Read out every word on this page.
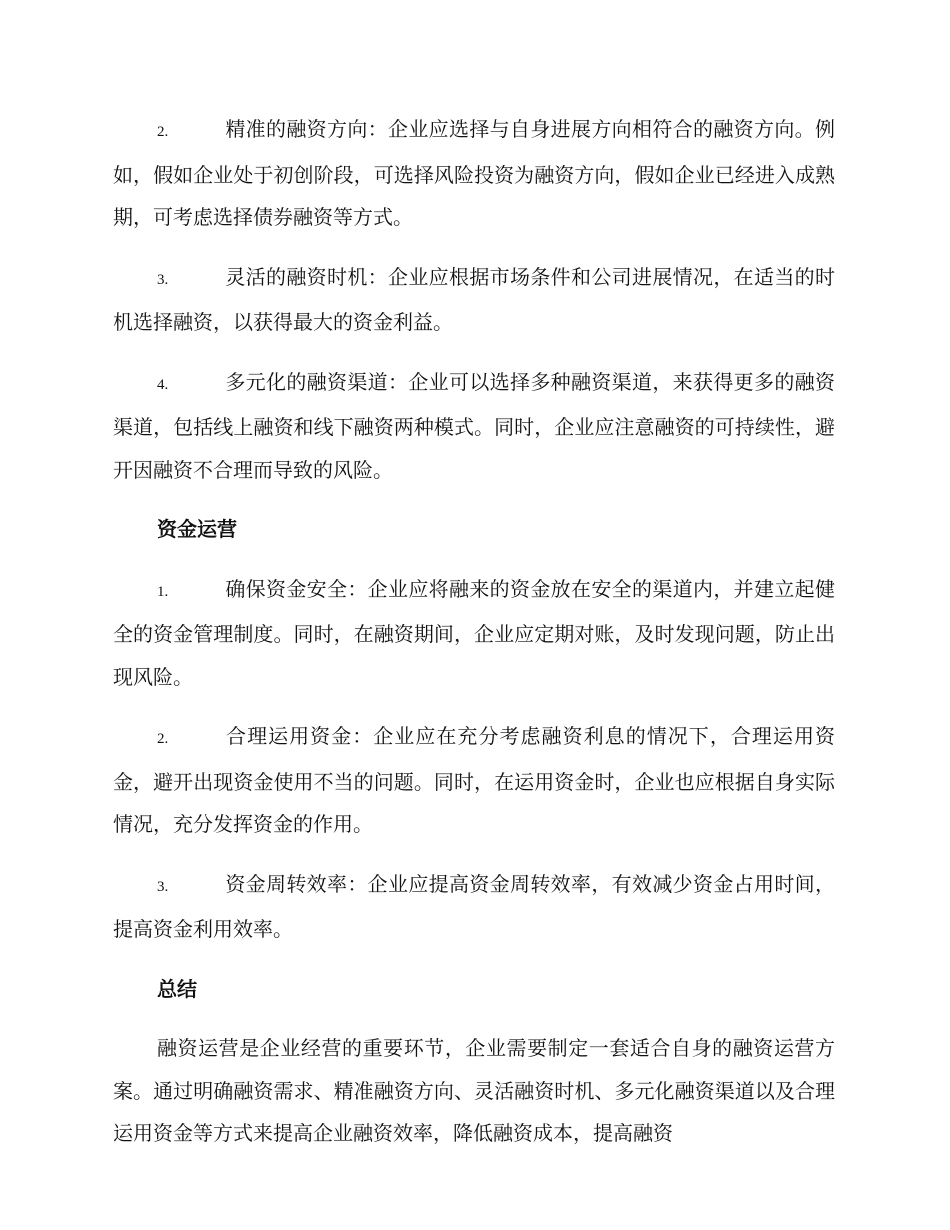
2.	精准的融资方向：企业应选择与自身进展方向相符合的融资方向。例如，假如企业处于初创阶段，可选择风险投资为融资方向，假如企业已经进入成熟期，可考虑选择债券融资等方式。

3.	灵活的融资时机：企业应根据市场条件和公司进展情况，在适当的时机选择融资，以获得最大的资金利益。

4.	多元化的融资渠道：企业可以选择多种融资渠道，来获得更多的融资渠道，包括线上融资和线下融资两种模式。同时，企业应注意融资的可持续性，避开因融资不合理而导致的风险。

资金运营

1.	确保资金安全：企业应将融来的资金放在安全的渠道内，并建立起健全的资金管理制度。同时，在融资期间，企业应定期对账，及时发现问题，防止出现风险。

2.	合理运用资金：企业应在充分考虑融资利息的情况下，合理运用资金，避开出现资金使用不当的问题。同时，在运用资金时，企业也应根据自身实际情况，充分发挥资金的作用。

3.	资金周转效率：企业应提高资金周转效率，有效减少资金占用时间，提高资金利用效率。

总结

融资运营是企业经营的重要环节，企业需要制定一套适合自身的融资运营方案。通过明确融资需求、精准融资方向、灵活融资时机、多元化融资渠道以及合理运用资金等方式来提高企业融资效率，降低融资成本，提高融资
